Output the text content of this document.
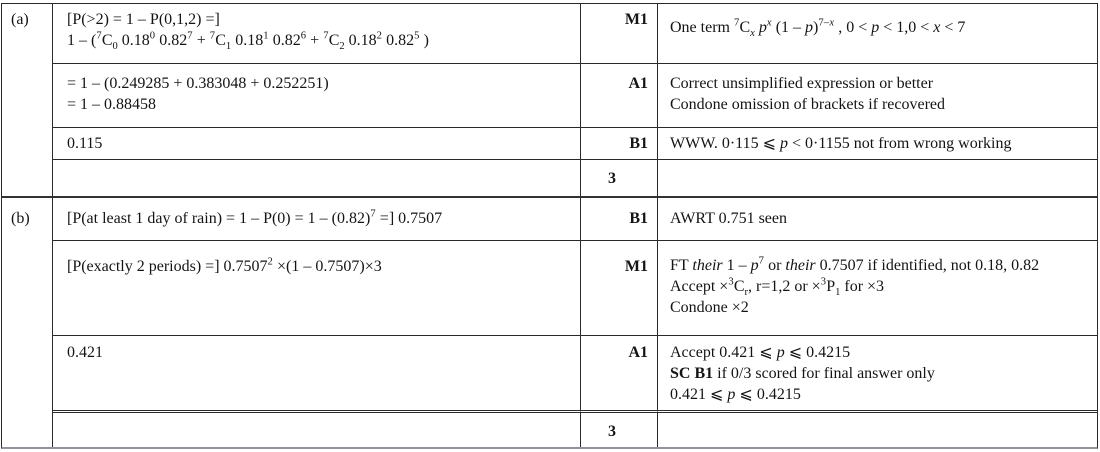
(a)	[P(>2) = 1 – P(0,1,2) =]
$1 - (^7C_0$ 0.18$^0$ $0.82^7 + ^7C_1$ 0.18$^1$ $0.82^6 + ^7C_2$ 0.18$^2$ 0.82$^5$ )
M1	One term $^7C_x$ $p^x$ (1 – p)$^{7-x}$ , 0 < p < 1,0 < x < 7
= 1 – (0.249285 + 0.383048 + 0.252251)
= 1 – 0.88458
A1	Correct unsimplified expression or better
Condone omission of brackets if recovered
0.115	B1	WWW. 0·115 ⩽ p < 0·1155 not from wrong working
3
(b)	[P(at least 1 day of rain) = $1 - P(0) = 1 - (0.82)^7$ =] 0.7507	B1	AWRT 0.751 seen
[P(exactly 2 periods) =] $0.7507^2 \times(1 - 0.7507)\times 3$	M1	FT their $1 - p^7$ or their 0.7507 if identified, not 0.18, 0.82
Accept $\times^3C_r$, r=1,2 or $\times^3P_1$ for ×3
Condone ×2
0.421	A1	Accept 0.421 ⩽ p ⩽ 0.4215
SC B1 if 0/3 scored for final answer only
0.421 ⩽ p ⩽ 0.4215
3
